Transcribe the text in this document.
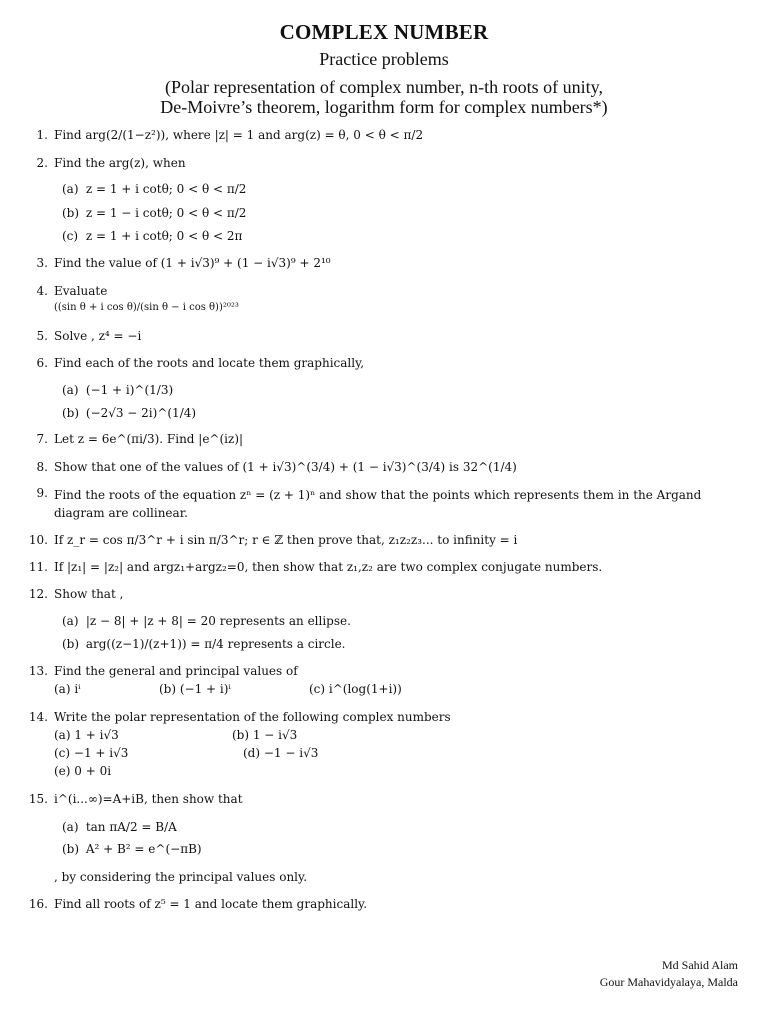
COMPLEX NUMBER
Practice problems
(Polar representation of complex number, n-th roots of unity,
De-Moivre’s theorem, logarithm form for complex numbers*)
1. Find arg(2/(1−z²)), where |z| = 1 and arg(z) = θ, 0 < θ < π/2
2. Find the arg(z), when
(a) z = 1 + i cotθ; 0 < θ < π/2
(b) z = 1 − i cotθ; 0 < θ < π/2
(c) z = 1 + i cotθ; 0 < θ < 2π
3. Find the value of (1 + i√3)⁹ + (1 − i√3)⁹ + 2¹⁰
4. Evaluate
((sin θ + i cos θ)/(sin θ − i cos θ))²⁰²³
5. Solve , z⁴ = −i
6. Find each of the roots and locate them graphically,
(a) (−1 + i)^(1/3)
(b) (−2√3 − 2i)^(1/4)
7. Let z = 6e^(πi/3). Find |e^(iz)|
8. Show that one of the values of (1 + i√3)^(3/4) + (1 − i√3)^(3/4) is 32^(1/4)
9. Find the roots of the equation zⁿ = (z + 1)ⁿ and show that the points which represents them in the Argand diagram are collinear.
10. If z_r = cos π/3^r + i sin π/3^r; r ∈ ℤ then prove that, z₁z₂z₃... to infinity = i
11. If |z₁| = |z₂| and argz₁+argz₂=0, then show that z₁,z₂ are two complex conjugate numbers.
12. Show that ,
(a) |z − 8| + |z + 8| = 20 represents an ellipse.
(b) arg((z−1)/(z+1)) = π/4 represents a circle.
13. Find the general and principal values of
(a) iⁱ	(b) (−1 + i)ⁱ	(c) i^(log(1+i))
14. Write the polar representation of the following complex numbers
(a) 1 + i√3	(b) 1 − i√3
(c) −1 + i√3	(d) −1 − i√3
(e) 0 + 0i
15. i^(i...∞)=A+iB, then show that
(a) tan πA/2 = B/A
(b) A² + B² = e^(−πB)
, by considering the principal values only.
16. Find all roots of z⁵ = 1 and locate them graphically.
Md Sahid Alam
Gour Mahavidyalaya, Malda
